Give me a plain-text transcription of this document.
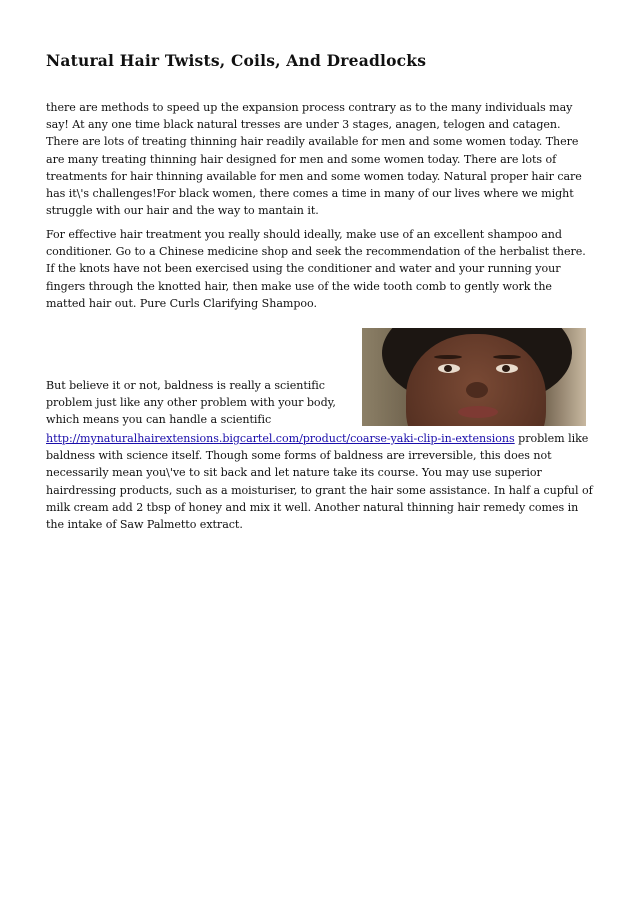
Natural Hair Twists, Coils, And Dreadlocks

there are methods to speed up the expansion process contrary as to the many individuals may say! At any one time black natural tresses are under 3 stages, anagen, telogen and catagen. There are lots of treating thinning hair readily available for men and some women today. There are many treating thinning hair designed for men and some women today. There are lots of treatments for hair thinning available for men and some women today. Natural proper hair care has it\'s challenges!For black women, there comes a time in many of our lives where we might struggle with our hair and the way to mantain it.

For effective hair treatment you really should ideally, make use of an excellent shampoo and conditioner. Go to a Chinese medicine shop and seek the recommendation of the herbalist there. If the knots have not been exercised using the conditioner and water and your running your fingers through the knotted hair, then make use of the wide tooth comb to gently work the matted hair out. Pure Curls Clarifying Shampoo.

But believe it or not, baldness is really a scientific problem just like any other problem with your body, which means you can handle a scientific http://mynaturalhairextensions.bigcartel.com/product/coarse-yaki-clip-in-extensions problem like baldness with science itself. Though some forms of baldness are irreversible, this does not necessarily mean you\'ve to sit back and let nature take its course. You may use superior hairdressing products, such as a moisturiser, to grant the hair some assistance. In half a cupful of milk cream add 2 tbsp of honey and mix it well. Another natural thinning hair remedy comes in the intake of Saw Palmetto extract.
